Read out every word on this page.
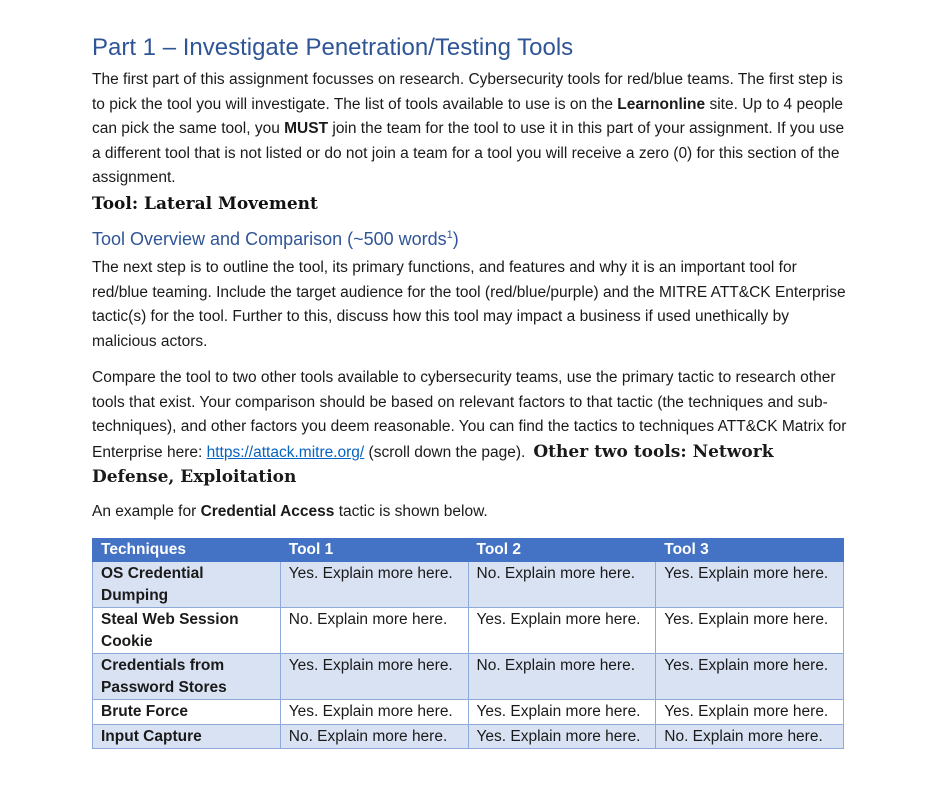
Part 1 – Investigate Penetration/Testing Tools

The first part of this assignment focusses on research. Cybersecurity tools for red/blue teams. The first step is to pick the tool you will investigate. The list of tools available to use is on the Learnonline site. Up to 4 people can pick the same tool, you MUST join the team for the tool to use it in this part of your assignment. If you use a different tool that is not listed or do not join a team for a tool you will receive a zero (0) for this section of the assignment.

Tool: Lateral Movement

Tool Overview and Comparison (~500 words$^1$)

The next step is to outline the tool, its primary functions, and features and why it is an important tool for red/blue teaming. Include the target audience for the tool (red/blue/purple) and the MITRE ATT&CK Enterprise tactic(s) for the tool. Further to this, discuss how this tool may impact a business if used unethically by malicious actors.

Compare the tool to two other tools available to cybersecurity teams, use the primary tactic to research other tools that exist. Your comparison should be based on relevant factors to that tactic (the techniques and sub-techniques), and other factors you deem reasonable. You can find the tactics to techniques ATT&CK Matrix for Enterprise here: https://attack.mitre.org/ (scroll down the page). Other two tools: Network Defense, Exploitation

An example for Credential Access tactic is shown below.

Techniques	Tool 1	Tool 2	Tool 3
OS Credential Dumping	Yes. Explain more here.	No. Explain more here.	Yes. Explain more here.
Steal Web Session Cookie	No. Explain more here.	Yes. Explain more here.	Yes. Explain more here.
Credentials from Password Stores	Yes. Explain more here.	No. Explain more here.	Yes. Explain more here.
Brute Force	Yes. Explain more here.	Yes. Explain more here.	Yes. Explain more here.
Input Capture	No. Explain more here.	Yes. Explain more here.	No. Explain more here.
